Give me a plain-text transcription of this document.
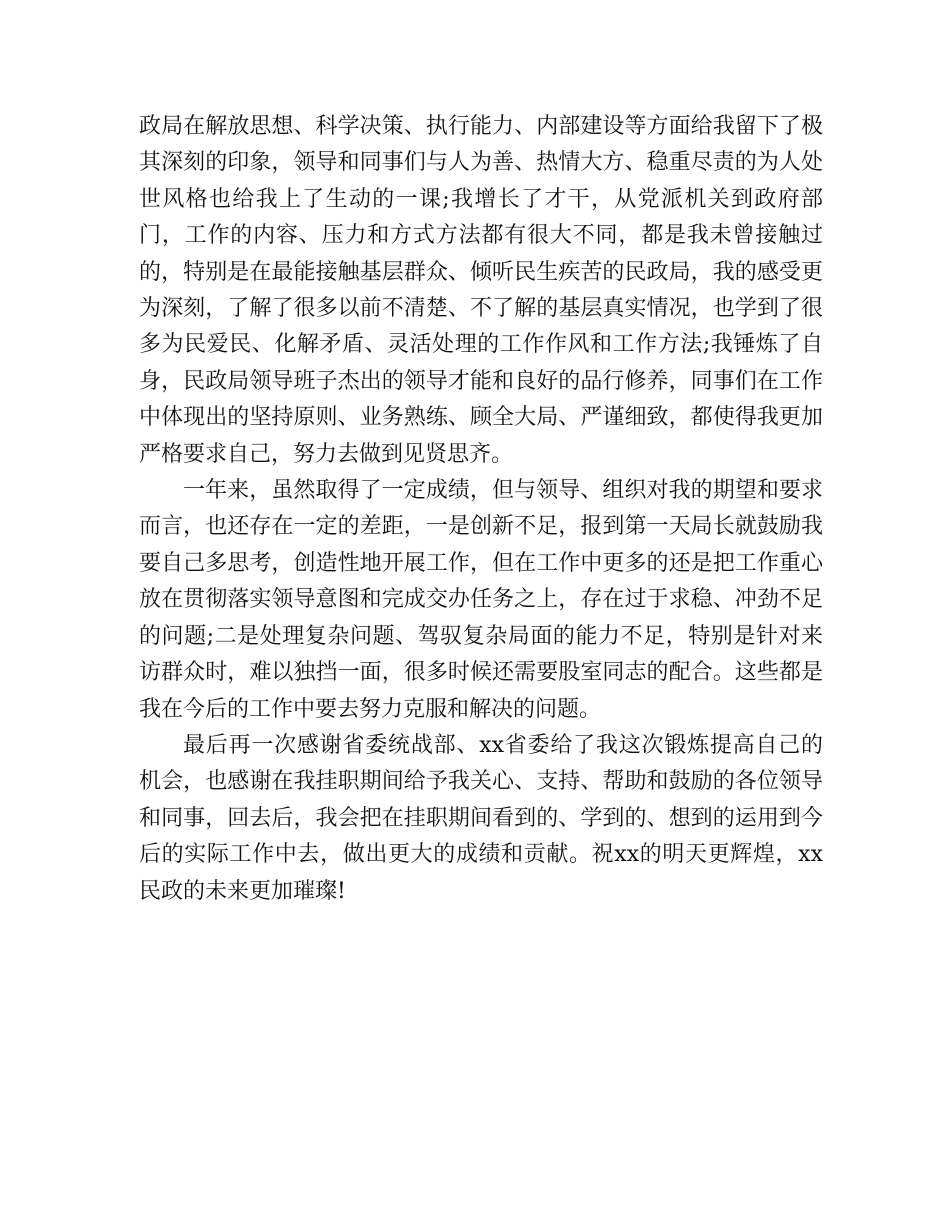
政局在解放思想、科学决策、执行能力、内部建设等方面给我留下了极其深刻的印象，领导和同事们与人为善、热情大方、稳重尽责的为人处世风格也给我上了生动的一课;我增长了才干，从党派机关到政府部门，工作的内容、压力和方式方法都有很大不同，都是我未曾接触过的，特别是在最能接触基层群众、倾听民生疾苦的民政局，我的感受更为深刻，了解了很多以前不清楚、不了解的基层真实情况，也学到了很多为民爱民、化解矛盾、灵活处理的工作作风和工作方法;我锤炼了自身，民政局领导班子杰出的领导才能和良好的品行修养，同事们在工作中体现出的坚持原则、业务熟练、顾全大局、严谨细致，都使得我更加严格要求自己，努力去做到见贤思齐。

一年来，虽然取得了一定成绩，但与领导、组织对我的期望和要求而言，也还存在一定的差距，一是创新不足，报到第一天局长就鼓励我要自己多思考，创造性地开展工作，但在工作中更多的还是把工作重心放在贯彻落实领导意图和完成交办任务之上，存在过于求稳、冲劲不足的问题;二是处理复杂问题、驾驭复杂局面的能力不足，特别是针对来访群众时，难以独挡一面，很多时候还需要股室同志的配合。这些都是我在今后的工作中要去努力克服和解决的问题。

最后再一次感谢省委统战部、xx省委给了我这次锻炼提高自己的机会，也感谢在我挂职期间给予我关心、支持、帮助和鼓励的各位领导和同事，回去后，我会把在挂职期间看到的、学到的、想到的运用到今后的实际工作中去，做出更大的成绩和贡献。祝xx的明天更辉煌，xx民政的未来更加璀璨!
